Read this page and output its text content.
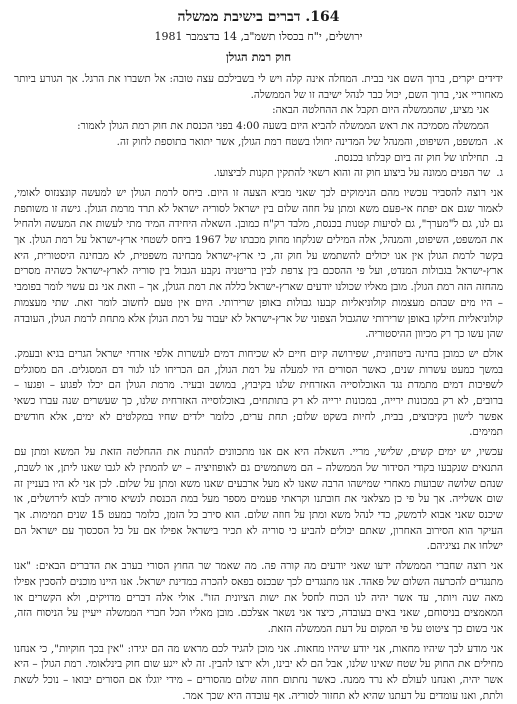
164. דברים בישיבת ממשלה
ירושלים, י"ח בכסלו תשמ"ב, 14 בדצמבר 1981
חוק רמת הגולן

ידידים יקרים, ברוך השם אני בבית. המחלה אינה קלה ויש לי בשבילכם עצה טובה: אל תשברו את הרגל. אך הגורע ביותר מאחוריי אני, ברוך השם, יכול כבר לנהל ישיבה זו של הממשלה.

אני מציע, שהממשלה היום תקבל את ההחלטה הבאה:

הממשלה מסמיכה את ראש הממשלה להביא היום בשעה 4:00 בפני הכנסת את חוק רמת הגולן לאמור:

א.
המשפט, השיפוט, והמנהל של המדינה יחולו בשטח רמת הגולן, אשר יתואר בתוספת לחוק זה.
ב.
תחילתו של חוק זה ביום קבלתו בכנסת.
ג.
שר הפנים ממונה על ביצוע חוק זה והוא רשאי להתקין תקנות לביצועו.

אני רוצה להסביר עכשיו מהם הנימוקים לכך שאני מביא הצעה זו היום. ביחס לרמת הגולן יש למעשה קונצנזוס לאומי, לאמור שגם אם יפתח אי-פעם משא ומתן על חוזה שלום בין ישראל לסוריה ישראל לא תרד מרמת הגולן. גישה זו משותפת גם לנו, גם ל"מערך", גם לסיעות קטנות בכנסת, מלבד רק"ח כמובן. השאלה היחידה המיד מתי לעשות את המעשה ולהחיל את המשפט, השיפוט, והמנהל, אלה המילים שנלקחו מחוק מכבתו של 1967 ביחס לשטחי ארץ-ישראל על רמת הגולן. אך בקשר לרמת הגולן אין אנו יכולים להשתמש על חוק זה, כי ארץ-ישראל מבחינה משפטית, לא מבחינה היסטורית, היא ארץ-ישראל בגבולות המנדט, ועל פי ההסכם בין צרפת לבין בריטניה נקבע הגבול בין סוריה לארץ-ישראל כשהיה מסרים מהחזה הזה רמת הגולן. מובן מאליו שכולנו יודעים שארץ-ישראל כללה את רמת הגולן, אך – וזאת אני גם עשוי לומר בפומבי – היו מים שבהם מעצמות קולוניאליות קבעו גבולות באופן שרירותי. היום אין טעם לחשוב לומר זאת. שתי מעצמות קולוניאליות חילקו באופן שרירותי שהגבול הצפוני של ארץ-ישראל לא יעבור על רמת הגולן אלא מתחת לרמת הגולן, העובדה שהן עשו כך רק מכיוון ההיסטוריה.

אולם יש כמובן בחינה ביטחונית, שפירושה קיום חיים לא שכיחות דמים לעשרות אלפי אזרחי ישראל הגרים בגיא ובעמק. במשך כמעט עשרות שנים, כאשר הסורים היו למעלה על רמת הגולן, הם הכריחו לנו לגור דם המסגלים. הם מסוגלים לשפיכות דמים מתמדת נגד האוכלוסייה האזרחית שלנו בקיבוץ, במושב ובעיר. מרמת הגולן הם יכלו לפגוע – ופגעו – ברובים, לא רק במכונות ירייה, במכונות ירייה לא רק בתותחים, באוכלוסייה האזרחית שלנו, כך שעשרים שנה עברו כשאי אפשר לישון בקיבוצים, בבית, לחיות בשקט שלום; תחת ערים, כלומר ילדים שחיו במקלטים לא ימים, אלא חודשים תמימים.

עכשיו, יש ימים קשים, שלישי, מריי. השאלה היא אם אנו מתכוונים להתנות את ההחלטה הזאת על המשא ומתן עם התנאים שנקבעו בקודי הסידור של הממשלה – הם משתמשים גם לאופוזיציה – יש להמתין לא לגבו שאנו ליתן, או לשבת, שנהם שלושה שבועות מאחרי שמישהו הרבה שאנו לא מעל ארבעים שאנו משא ומתן על שלום. לכן אני לא היו בעניין זה שום אשלייה. אך על פי כן מצלאני את חובתנו וקראתי פעמים מספר מעל במת הכנסת לנשיא סוריה לבוא לירושלים, או שיכנס שאני אבוא לדמשק, כדי לנהל משא ומתן על חוזה שלום. הוא סירב כל הזמן, כלומר כמעט 15 שנים תמימות. אך העיקר הוא הסירוב האחרון, שאתם יכולים להביע כי סוריה לא תכיר בישראל אפילו אם על כל הסכסוך עם ישראל הם ישלחו את נציגיהם.

אני רוצה שחברי הממשלה ידעו שאני יודעים מה קורה פה. מה שאמר שר החוץ הסורי בערב את הדברים הבאים: "אנו מתנגדים להכרעה השלום של פאהד. אנו מתנגדים לכך שבכנס בפאס להכרה במדינת ישראל. אנו היינו מוכנים להסכין אפילו מאה שנה ויותר, עד אשר יהיה לנו הכוח לחסל את ישות הציונית הזו". אולי אלה דברים מדויקים, ולא הקשרים או המאמצים בניסוחם, שאני באים בעובדה, כיצד אני נשאר אצלכם. מובן מאליו הכל חברי הממשלה ייעיין על הניסוח הזה, אני בשום כך ציטוט על פי המקום על דעת הממשלה הזאת.

אני מודע לכך שיהיו מחאות, אני יודע שיהיו מחאות. אני מוכן להגיד לכם מראש מה הם יגידו: "אין בכך חוקיות", כי אנחנו מחילים את החוק על שטח שאינו שלנו, אבל הם לא יבינו, ולא ירצו להבין. זה לא ייגע שום חוק בינלאומי. רמת הגולן – היא אשר יהיה, ואנחנו לעולם לא נרד ממנה. כאשר נחתום חוזה שלום מהסורים – מידי יוגלו אם הסורים יבואו – נוכל לשאת ולתת, ואנו עומדים על דעתנו שהיא לא תחזור לסוריה. אף עובדה היא שכך אמר.
